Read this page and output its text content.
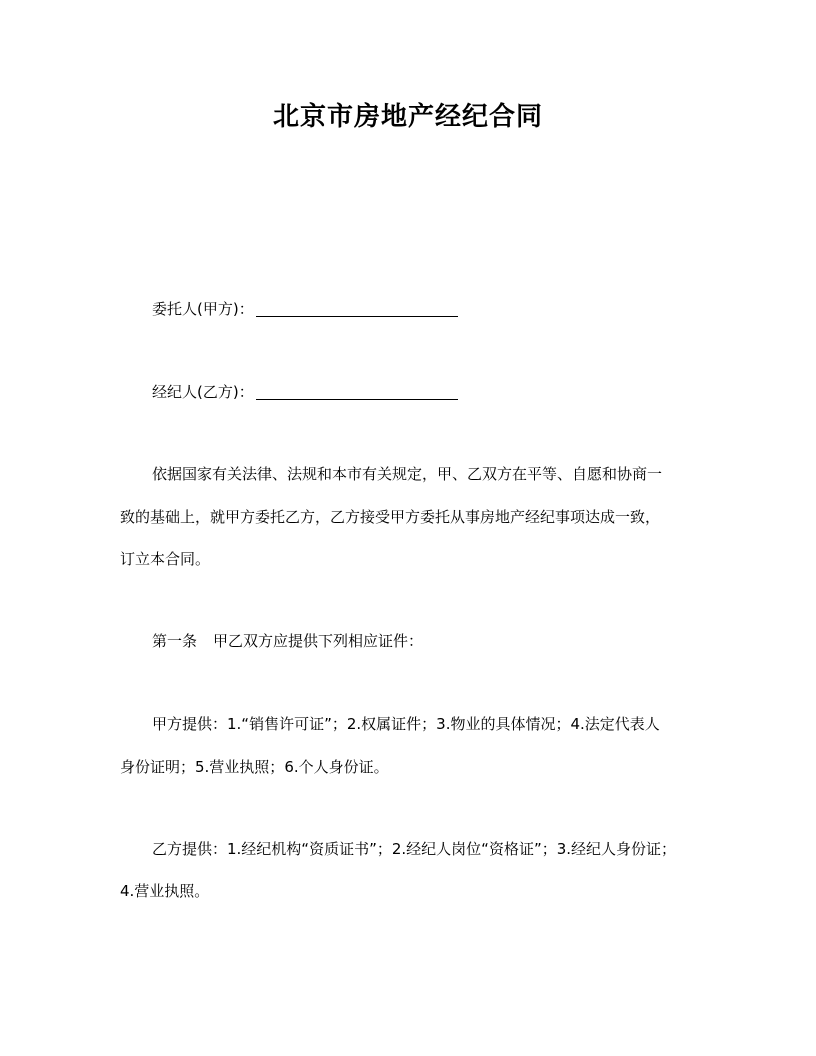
北京市房地产经纪合同
委托人(甲方)：
经纪人(乙方)：
依据国家有关法律、法规和本市有关规定，甲、乙双方在平等、自愿和协商一
致的基础上，就甲方委托乙方，乙方接受甲方委托从事房地产经纪事项达成一致，
订立本合同。
第一条 甲乙双方应提供下列相应证件：
甲方提供：1.“销售许可证”；2.权属证件；3.物业的具体情况；4.法定代表人
身份证明；5.营业执照；6.个人身份证。
乙方提供：1.经纪机构“资质证书”；2.经纪人岗位“资格证”；3.经纪人身份证；
4.营业执照。
